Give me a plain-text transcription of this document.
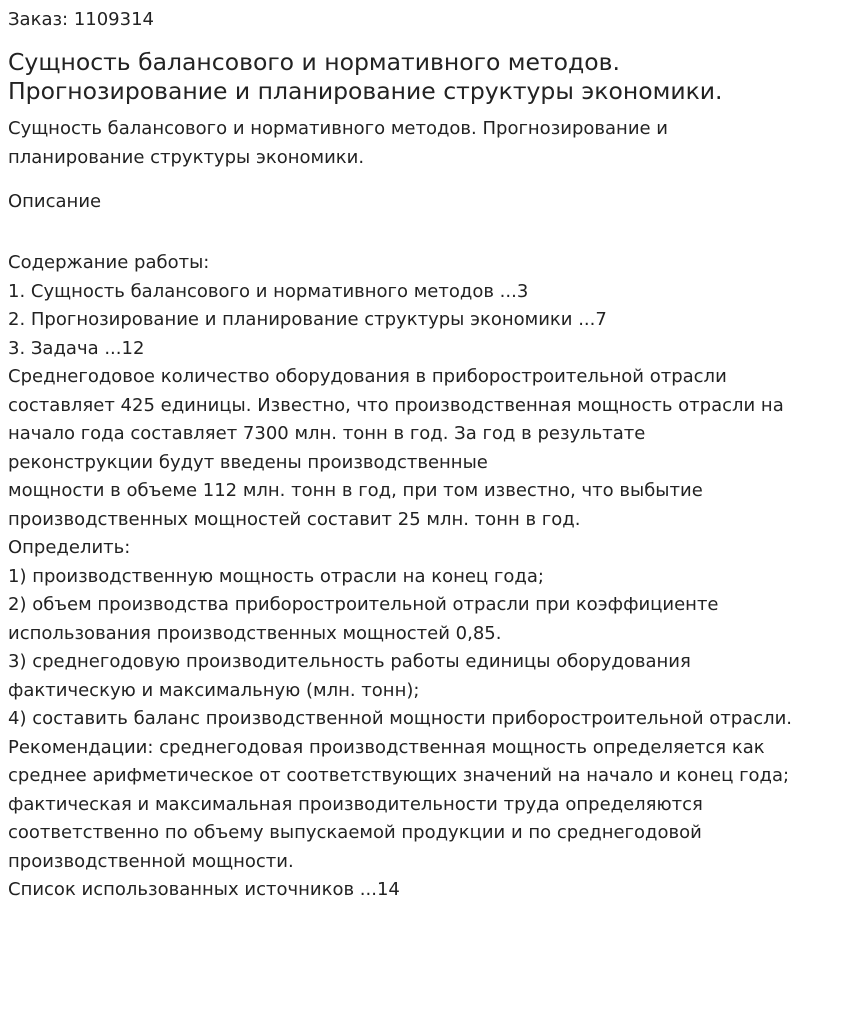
Заказ: 1109314

Сущность балансового и нормативного методов.
Прогнозирование и планирование структуры экономики.

Сущность балансового и нормативного методов. Прогнозирование и
планирование структуры экономики.

Описание

Содержание работы:
1. Сущность балансового и нормативного методов ...3
2. Прогнозирование и планирование структуры экономики ...7
3. Задача ...12
Среднегодовое количество оборудования в приборостроительной отрасли
составляет 425 единицы. Известно, что производственная мощность отрасли на
начало года составляет 7300 млн. тонн в год. За год в результате
реконструкции будут введены производственные
мощности в объеме 112 млн. тонн в год, при том известно, что выбытие
производственных мощностей составит 25 млн. тонн в год.
Определить:
1) производственную мощность отрасли на конец года;
2) объем производства приборостроительной отрасли при коэффициенте
использования производственных мощностей 0,85.
3) среднегодовую производительность работы единицы оборудования
фактическую и максимальную (млн. тонн);
4) составить баланс производственной мощности приборостроительной отрасли.
Рекомендации: среднегодовая производственная мощность определяется как
среднее арифметическое от соответствующих значений на начало и конец года;
фактическая и максимальная производительности труда определяются
соответственно по объему выпускаемой продукции и по среднегодовой
производственной мощности.
Список использованных источников ...14
